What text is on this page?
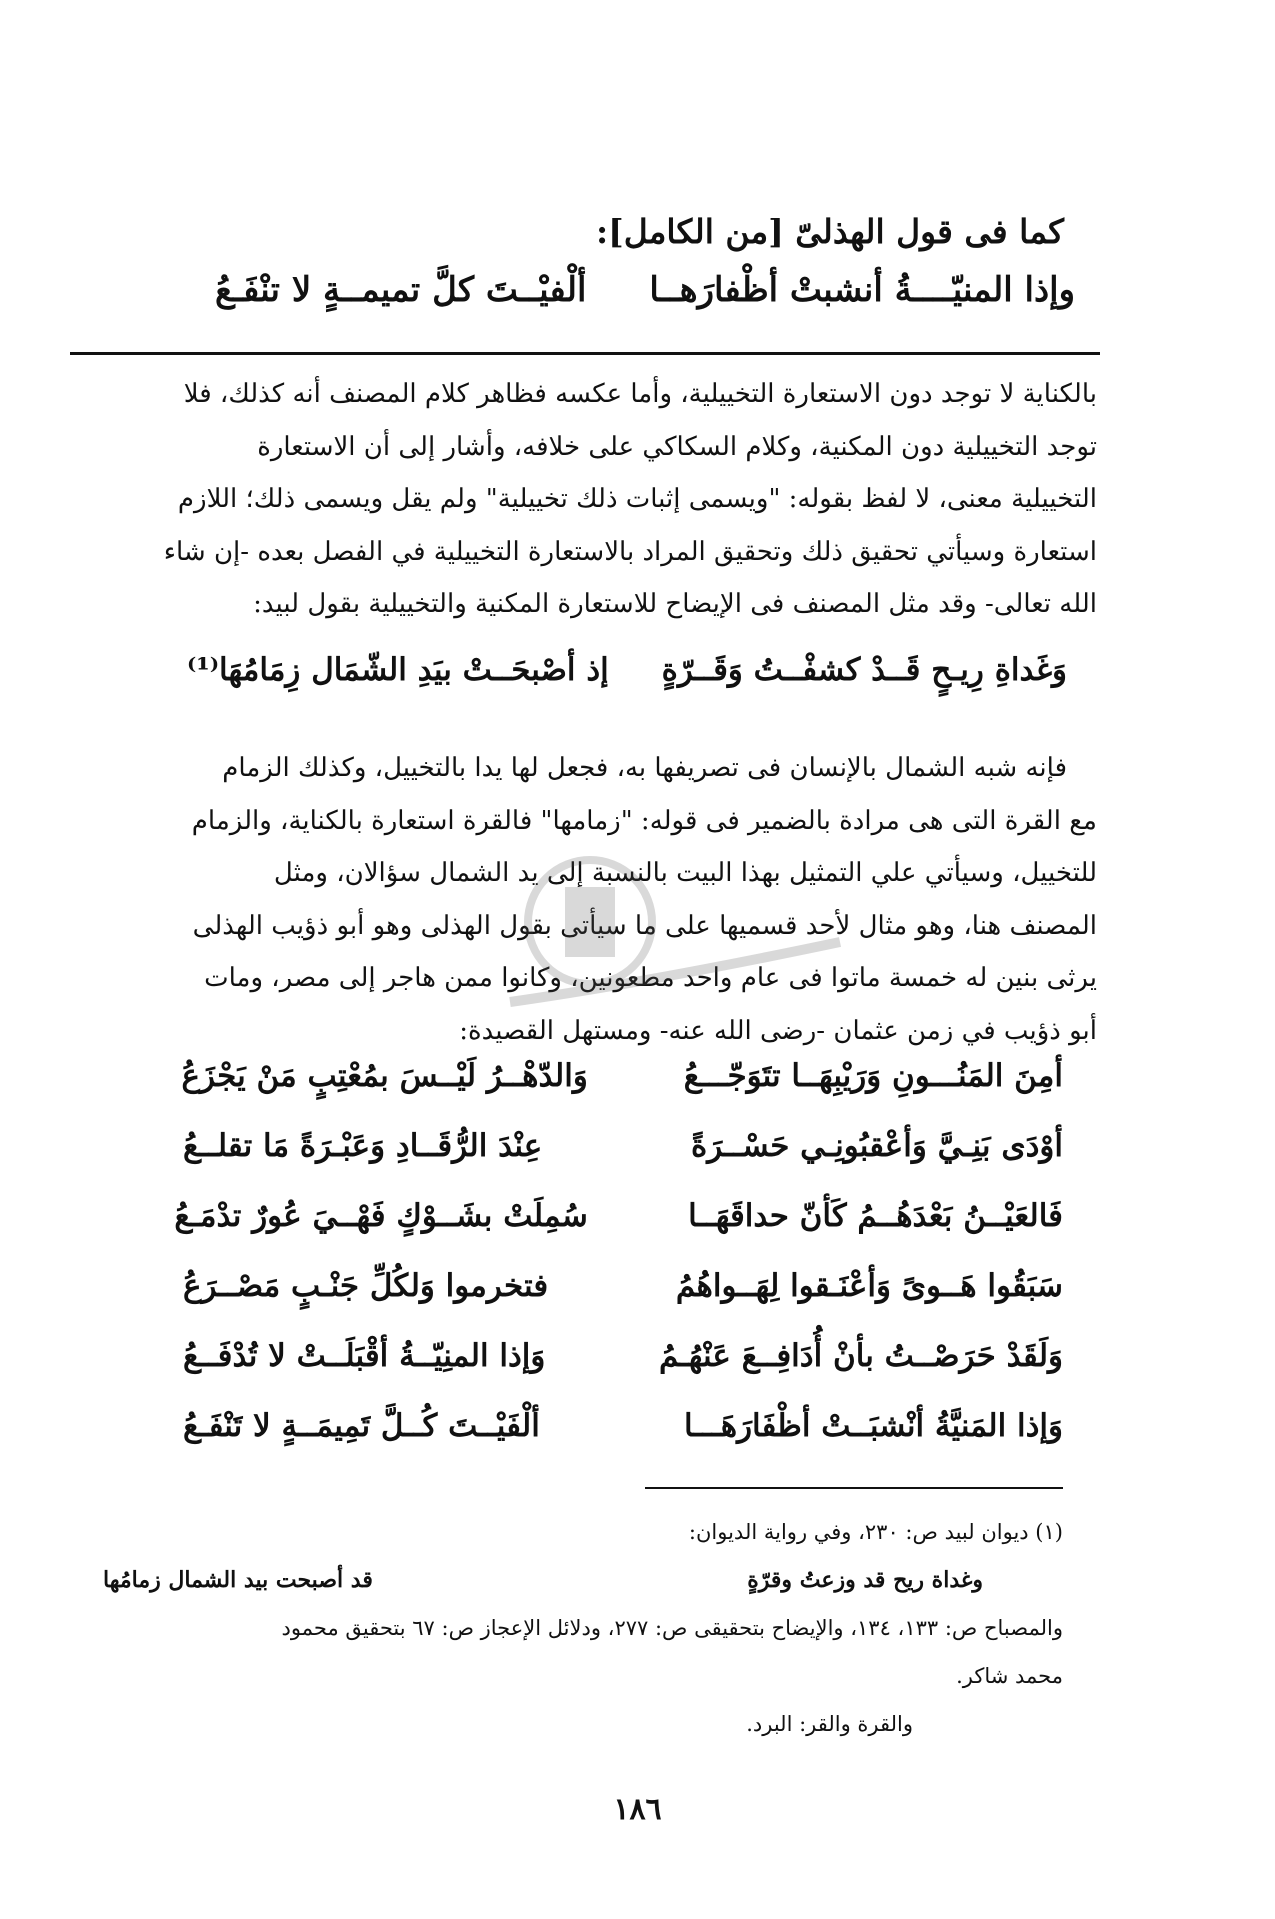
كما فى قول الهذلىّ [من الكامل]:
وإذا المنيّــــةُ أنشبتْ أظْفارَهــا
ألْفيْــتَ كلَّ تميمــةٍ لا تنْفَـعُ
بالكناية لا توجد دون الاستعارة التخييلية، وأما عكسه فظاهر كلام المصنف أنه كذلك، فلا
توجد التخييلية دون المكنية، وكلام السكاكي على خلافه، وأشار إلى أن الاستعارة
التخييلية معنى، لا لفظ بقوله: "ويسمى إثبات ذلك تخييلية" ولم يقل ويسمى ذلك؛ اللازم
استعارة وسيأتي تحقيق ذلك وتحقيق المراد بالاستعارة التخييلية في الفصل بعده -إن شاء
الله تعالى- وقد مثل المصنف فى الإيضاح للاستعارة المكنية والتخييلية بقول لبيد:
وَغَداةِ رِيـحٍ قَــدْ كشفْــتُ وَقَــرّةٍ
إذ أصْبحَــتْ بيَدِ الشّمَال زِمَامُهَا⁽¹⁾
فإنه شبه الشمال بالإنسان فى تصريفها به، فجعل لها يدا بالتخييل، وكذلك الزمام
مع القرة التى هى مرادة بالضمير فى قوله: "زمامها" فالقرة استعارة بالكناية، والزمام
للتخييل، وسيأتي علي التمثيل بهذا البيت بالنسبة إلى يد الشمال سؤالان، ومثل
المصنف هنا، وهو مثال لأحد قسميها على ما سيأتى بقول الهذلى وهو أبو ذؤيب الهذلى
يرثى بنين له خمسة ماتوا فى عام واحد مطعونين، وكانوا ممن هاجر إلى مصر، ومات
أبو ذؤيب في زمن عثمان -رضى الله عنه- ومستهل القصيدة:
أمِنَ المَنُـــونِ وَرَيْبِهَــا تتَوَجّـــعُ
وَالدّهْــرُ لَيْــسَ بمُعْتِبٍ مَنْ يَجْزَعُ
أوْدَى بَنِـيَّ وَأعْقبُونِـي حَسْــرَةً
عِنْدَ الرُّقَــادِ وَعَبْـرَةً مَا تقلــعُ
فَالعَيْــنُ بَعْدَهُــمُ كَأنّ حداقَهَــا
سُمِلَتْ بشَــوْكٍ فَهْــيَ عُورٌ تدْمَـعُ
سَبَقُوا هَــوىً وَأعْنَـقوا لِهَــواهُمُ
فتخرموا وَلكُلِّ جَنْـبٍ مَصْــرَعُ
وَلَقَدْ حَرَصْــتُ بأنْ أُدَافِــعَ عَنْهُـمُ
وَإذا المنِيّــةُ أقْبَلَــتْ لا تُدْفَــعُ
وَإذا المَنيَّةُ أنْشبَــتْ أظْفَارَهَـــا
ألْفَيْــتَ كُــلَّ تَمِيمَــةٍ لا تَنْفَـعُ
(١) ديوان لبيد ص: ٢٣٠، وفي رواية الديوان:
وغداة ريح قد وزعتُ وقرّةٍ
قد أصبحت بيد الشمال زمامُها
والمصباح ص: ١٣٣، ١٣٤، والإيضاح بتحقيقى ص: ٢٧٧، ودلائل الإعجاز ص: ٦٧ بتحقيق محمود
محمد شاكر.
والقرة والقر: البرد.
١٨٦
